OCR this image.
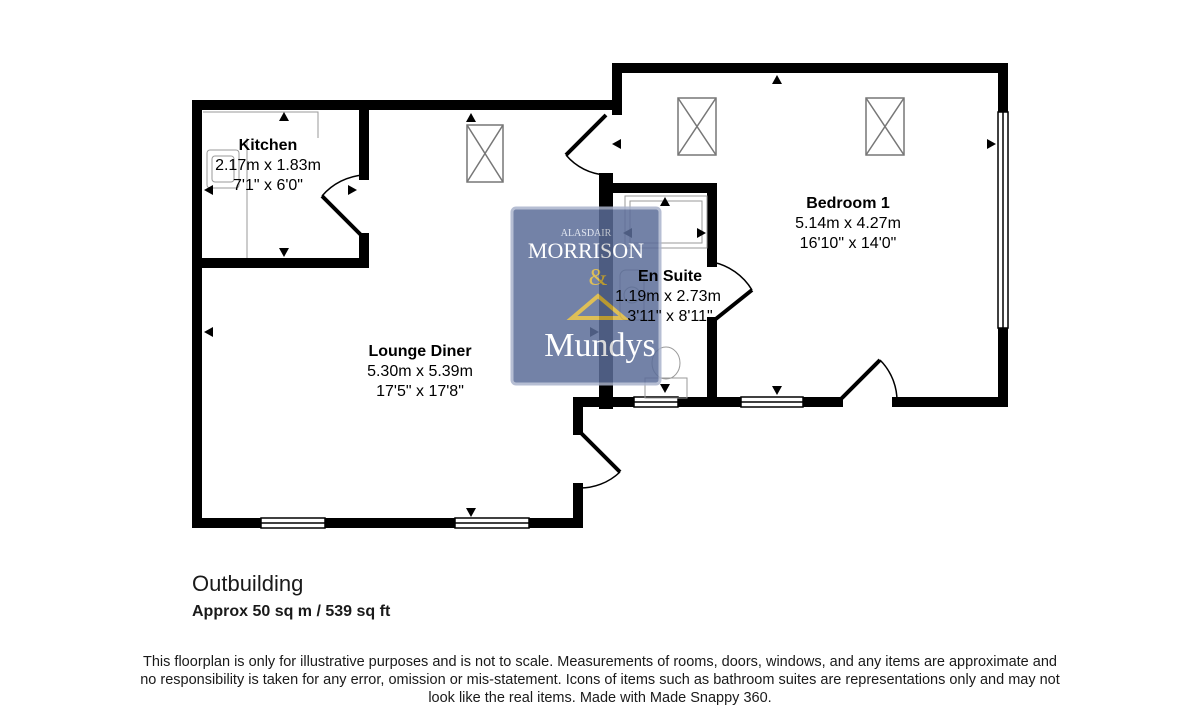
ALASDAIR
MORRISON
&
Mundys
Kitchen
2.17m x 1.83m
7'1" x 6'0"
Lounge Diner
5.30m x 5.39m
17'5" x 17'8"
Bedroom 1
5.14m x 4.27m
16'10" x 14'0"
En Suite
1.19m x 2.73m
3'11" x 8'11"
Outbuilding

Approx 50 sq m / 539 sq ft

This floorplan is only for illustrative purposes and is not to scale. Measurements of rooms, doors, windows, and any items are approximate and no responsibility is taken for any error, omission or mis-statement. Icons of items such as bathroom suites are representations only and may not look like the real items. Made with Made Snappy 360.
